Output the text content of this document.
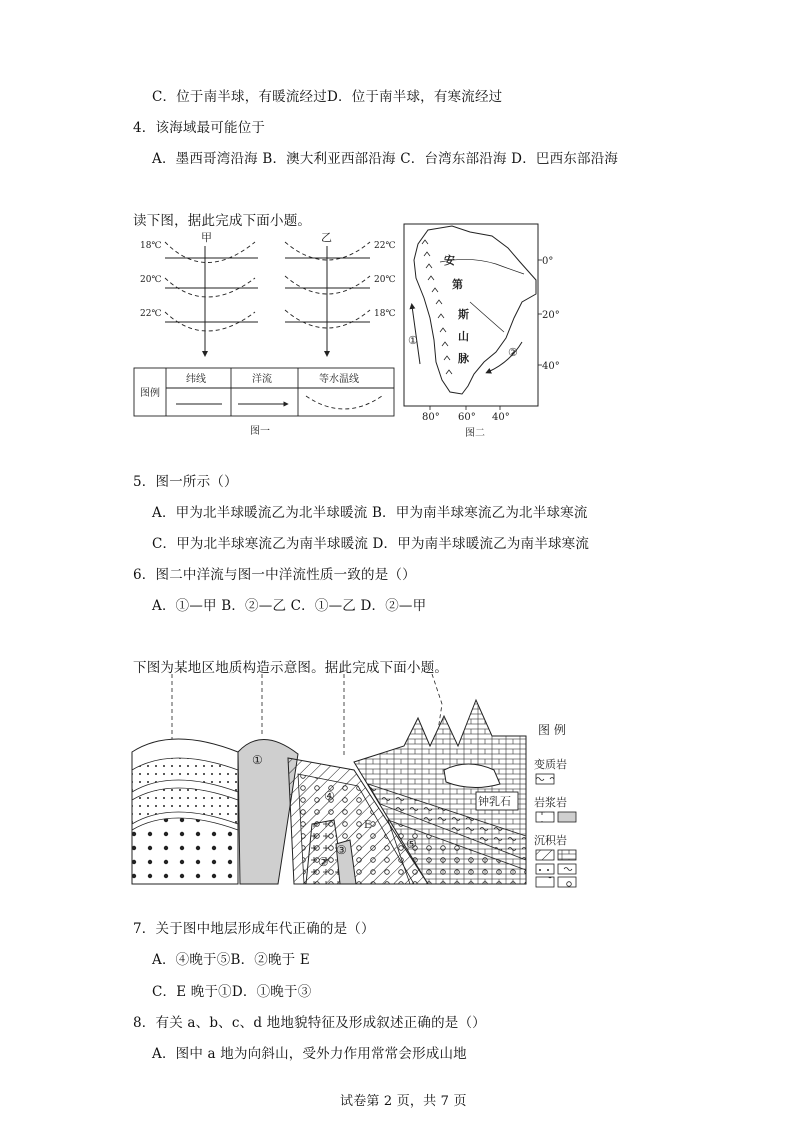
C．位于南半球，有暖流经过D．位于南半球，有寒流经过
4．该海域最可能位于
A．墨西哥湾沿海 B．澳大利亚西部沿海 C．台湾东部沿海 D．巴西东部沿海
读下图，据此完成下面小题。
甲	乙
18℃
20℃
22℃
22℃
20℃
18℃
图例
纬线	洋流	等水温线
图一
安
第
斯
山
脉
①
②
0°
20°
40°
80° 60° 40°
图二
5．图一所示（）
A．甲为北半球暖流乙为北半球暖流 B．甲为南半球寒流乙为北半球寒流
C．甲为北半球寒流乙为南半球暖流 D．甲为南半球暖流乙为南半球寒流
6．图二中洋流与图一中洋流性质一致的是（）
A．①—甲 B．②—乙 C．①—乙 D．②—甲
下图为某地区地质构造示意图。据此完成下面小题。
①
②
③
④
E
⑤
钟乳石
图 例
变质岩
岩浆岩
沉积岩
7．关于图中地层形成年代正确的是（）
A．④晚于⑤B．②晚于 E
C．E 晚于①D．①晚于③
8．有关 a、b、c、d 地地貌特征及形成叙述正确的是（）
A．图中 a 地为向斜山，受外力作用常常会形成山地
试卷第 2 页，共 7 页
